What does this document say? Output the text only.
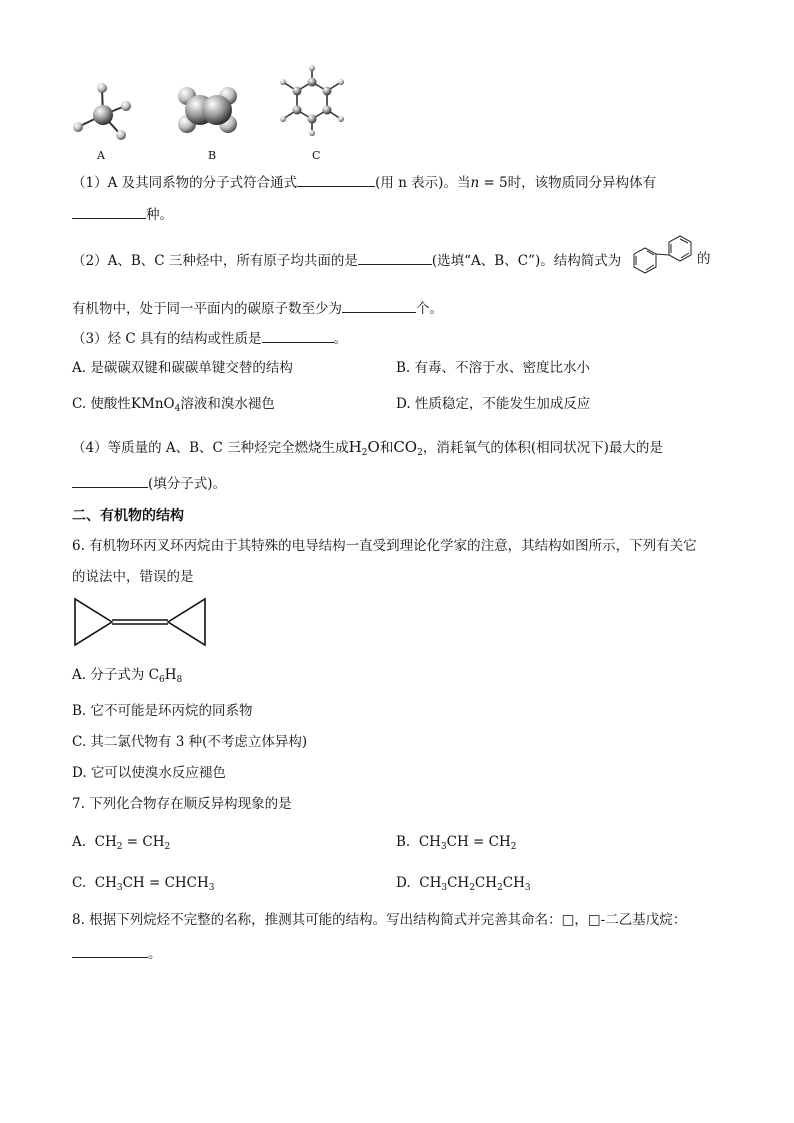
A	B	C
（1）A 及其同系物的分子式符合通式	(用 n 表示)。当n = 5时，该物质同分异构体有
种。
（2）A、B、C 三种烃中，所有原子均共面的是	(选填“A、B、C”)。结构简式为	的
有机物中，处于同一平面内的碳原子数至少为	个。
（3）烃 C 具有的结构或性质是	。
A. 是碳碳双键和碳碳单键交替的结构	B. 有毒、不溶于水、密度比水小
C. 使酸性KMnO$_4$溶液和溴水褪色	D. 性质稳定，不能发生加成反应
（4）等质量的 A、B、C 三种烃完全燃烧生成$H_2O$和$CO_2$，消耗氧气的体积(相同状况下)最大的是
(填分子式)。
二、有机物的结构
6. 有机物环丙叉环丙烷由于其特殊的电导结构一直受到理论化学家的注意，其结构如图所示，下列有关它
的说法中，错误的是
A. 分子式为 $C_6H_8$
B. 它不可能是环丙烷的同系物
C. 其二氯代物有 3 种(不考虑立体异构)
D. 它可以使溴水反应褪色
7. 下列化合物存在顺反异构现象的是
A. $CH_2 = CH_2$	B. $CH_3CH = CH_2$
C. $CH_3CH$ = $CHCH_3$	D. $CH_3CH_2CH_2CH_3$
8. 根据下列烷烃不完整的名称，推测其可能的结构。写出结构简式并完善其命名：□，□-二乙基戊烷：
。
